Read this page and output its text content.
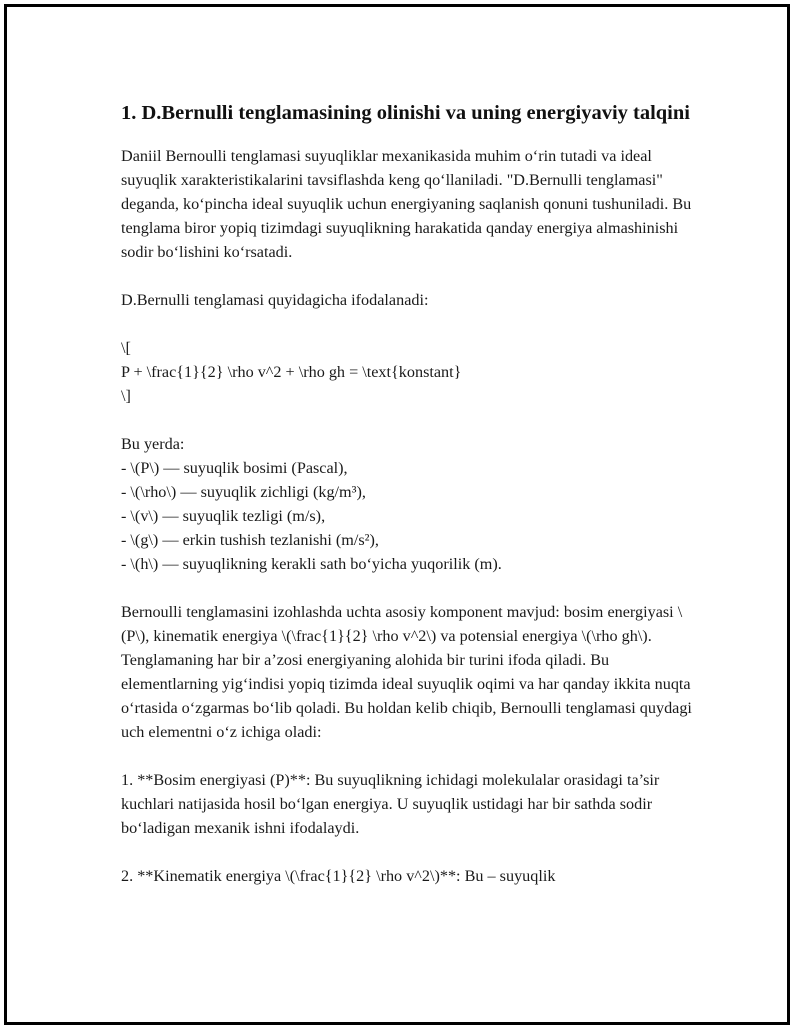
1. D.Bernulli tenglamasining olinishi va uning energiyaviy talqini

Daniil Bernoulli tenglamasi suyuqliklar mexanikasida muhim o‘rin tutadi va ideal suyuqlik xarakteristikalarini tavsiflashda keng qo‘llaniladi. "D.Bernulli tenglamasi" deganda, ko‘pincha ideal suyuqlik uchun energiyaning saqlanish qonuni tushuniladi. Bu tenglama biror yopiq tizimdagi suyuqlikning harakatida qanday energiya almashinishi sodir bo‘lishini ko‘rsatadi.

D.Bernulli tenglamasi quyidagicha ifodalanadi:

\[
P + \frac{1}{2} \rho v^2 + \rho gh = \text{konstant}
\]

Bu yerda:
- \(P\) — suyuqlik bosimi (Pascal),
- \(\rho\) — suyuqlik zichligi (kg/m³),
- \(v\) — suyuqlik tezligi (m/s),
- \(g\) — erkin tushish tezlanishi (m/s²),
- \(h\) — suyuqlikning kerakli sath bo‘yicha yuqorilik (m).

Bernoulli tenglamasini izohlashda uchta asosiy komponent mavjud: bosim energiyasi \(P\), kinematik energiya \(\frac{1}{2} \rho v^2\) va potensial energiya \(\rho gh\). Tenglamaning har bir a’zosi energiyaning alohida bir turini ifoda qiladi. Bu elementlarning yig‘indisi yopiq tizimda ideal suyuqlik oqimi va har qanday ikkita nuqta o‘rtasida o‘zgarmas bo‘lib qoladi. Bu holdan kelib chiqib, Bernoulli tenglamasi quydagi uch elementni o‘z ichiga oladi:

1. **Bosim energiyasi (P)**: Bu suyuqlikning ichidagi molekulalar orasidagi ta’sir kuchlari natijasida hosil bo‘lgan energiya. U suyuqlik ustidagi har bir sathda sodir bo‘ladigan mexanik ishni ifodalaydi.

2. **Kinematik energiya \(\frac{1}{2} \rho v^2\)**: Bu – suyuqlik
